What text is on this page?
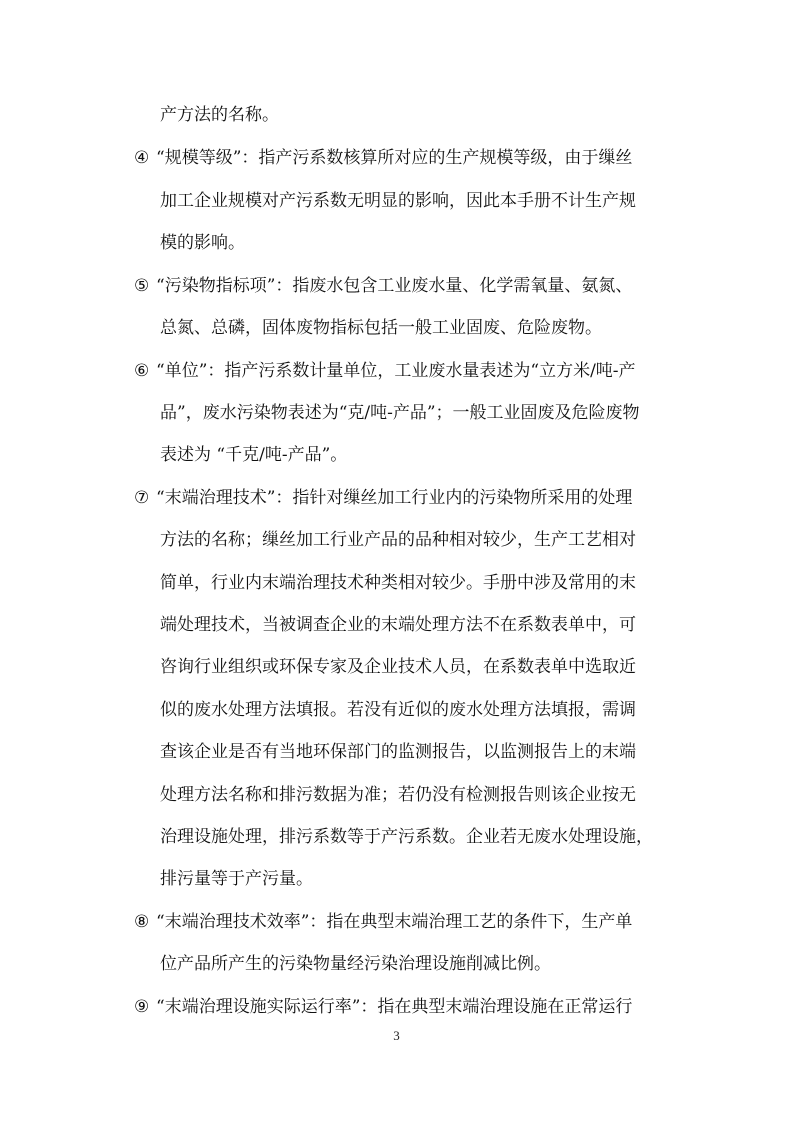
产方法的名称。
④ “规模等级”：指产污系数核算所对应的生产规模等级，由于缫丝
加工企业规模对产污系数无明显的影响，因此本手册不计生产规
模的影响。
⑤ “污染物指标项”：指废水包含工业废水量、化学需氧量、氨氮、
总氮、总磷，固体废物指标包括一般工业固废、危险废物。
⑥ “单位”：指产污系数计量单位，工业废水量表述为“立方米/吨-产
品”，废水污染物表述为“克/吨-产品”；一般工业固废及危险废物
表述为 “千克/吨-产品”。
⑦ “末端治理技术”：指针对缫丝加工行业内的污染物所采用的处理
方法的名称；缫丝加工行业产品的品种相对较少，生产工艺相对
简单，行业内末端治理技术种类相对较少。手册中涉及常用的末
端处理技术，当被调查企业的末端处理方法不在系数表单中，可
咨询行业组织或环保专家及企业技术人员，在系数表单中选取近
似的废水处理方法填报。若没有近似的废水处理方法填报，需调
查该企业是否有当地环保部门的监测报告，以监测报告上的末端
处理方法名称和排污数据为准；若仍没有检测报告则该企业按无
治理设施处理，排污系数等于产污系数。企业若无废水处理设施，
排污量等于产污量。
⑧ “末端治理技术效率”：指在典型末端治理工艺的条件下，生产单
位产品所产生的污染物量经污染治理设施削减比例。
⑨ “末端治理设施实际运行率”：指在典型末端治理设施在正常运行
3
